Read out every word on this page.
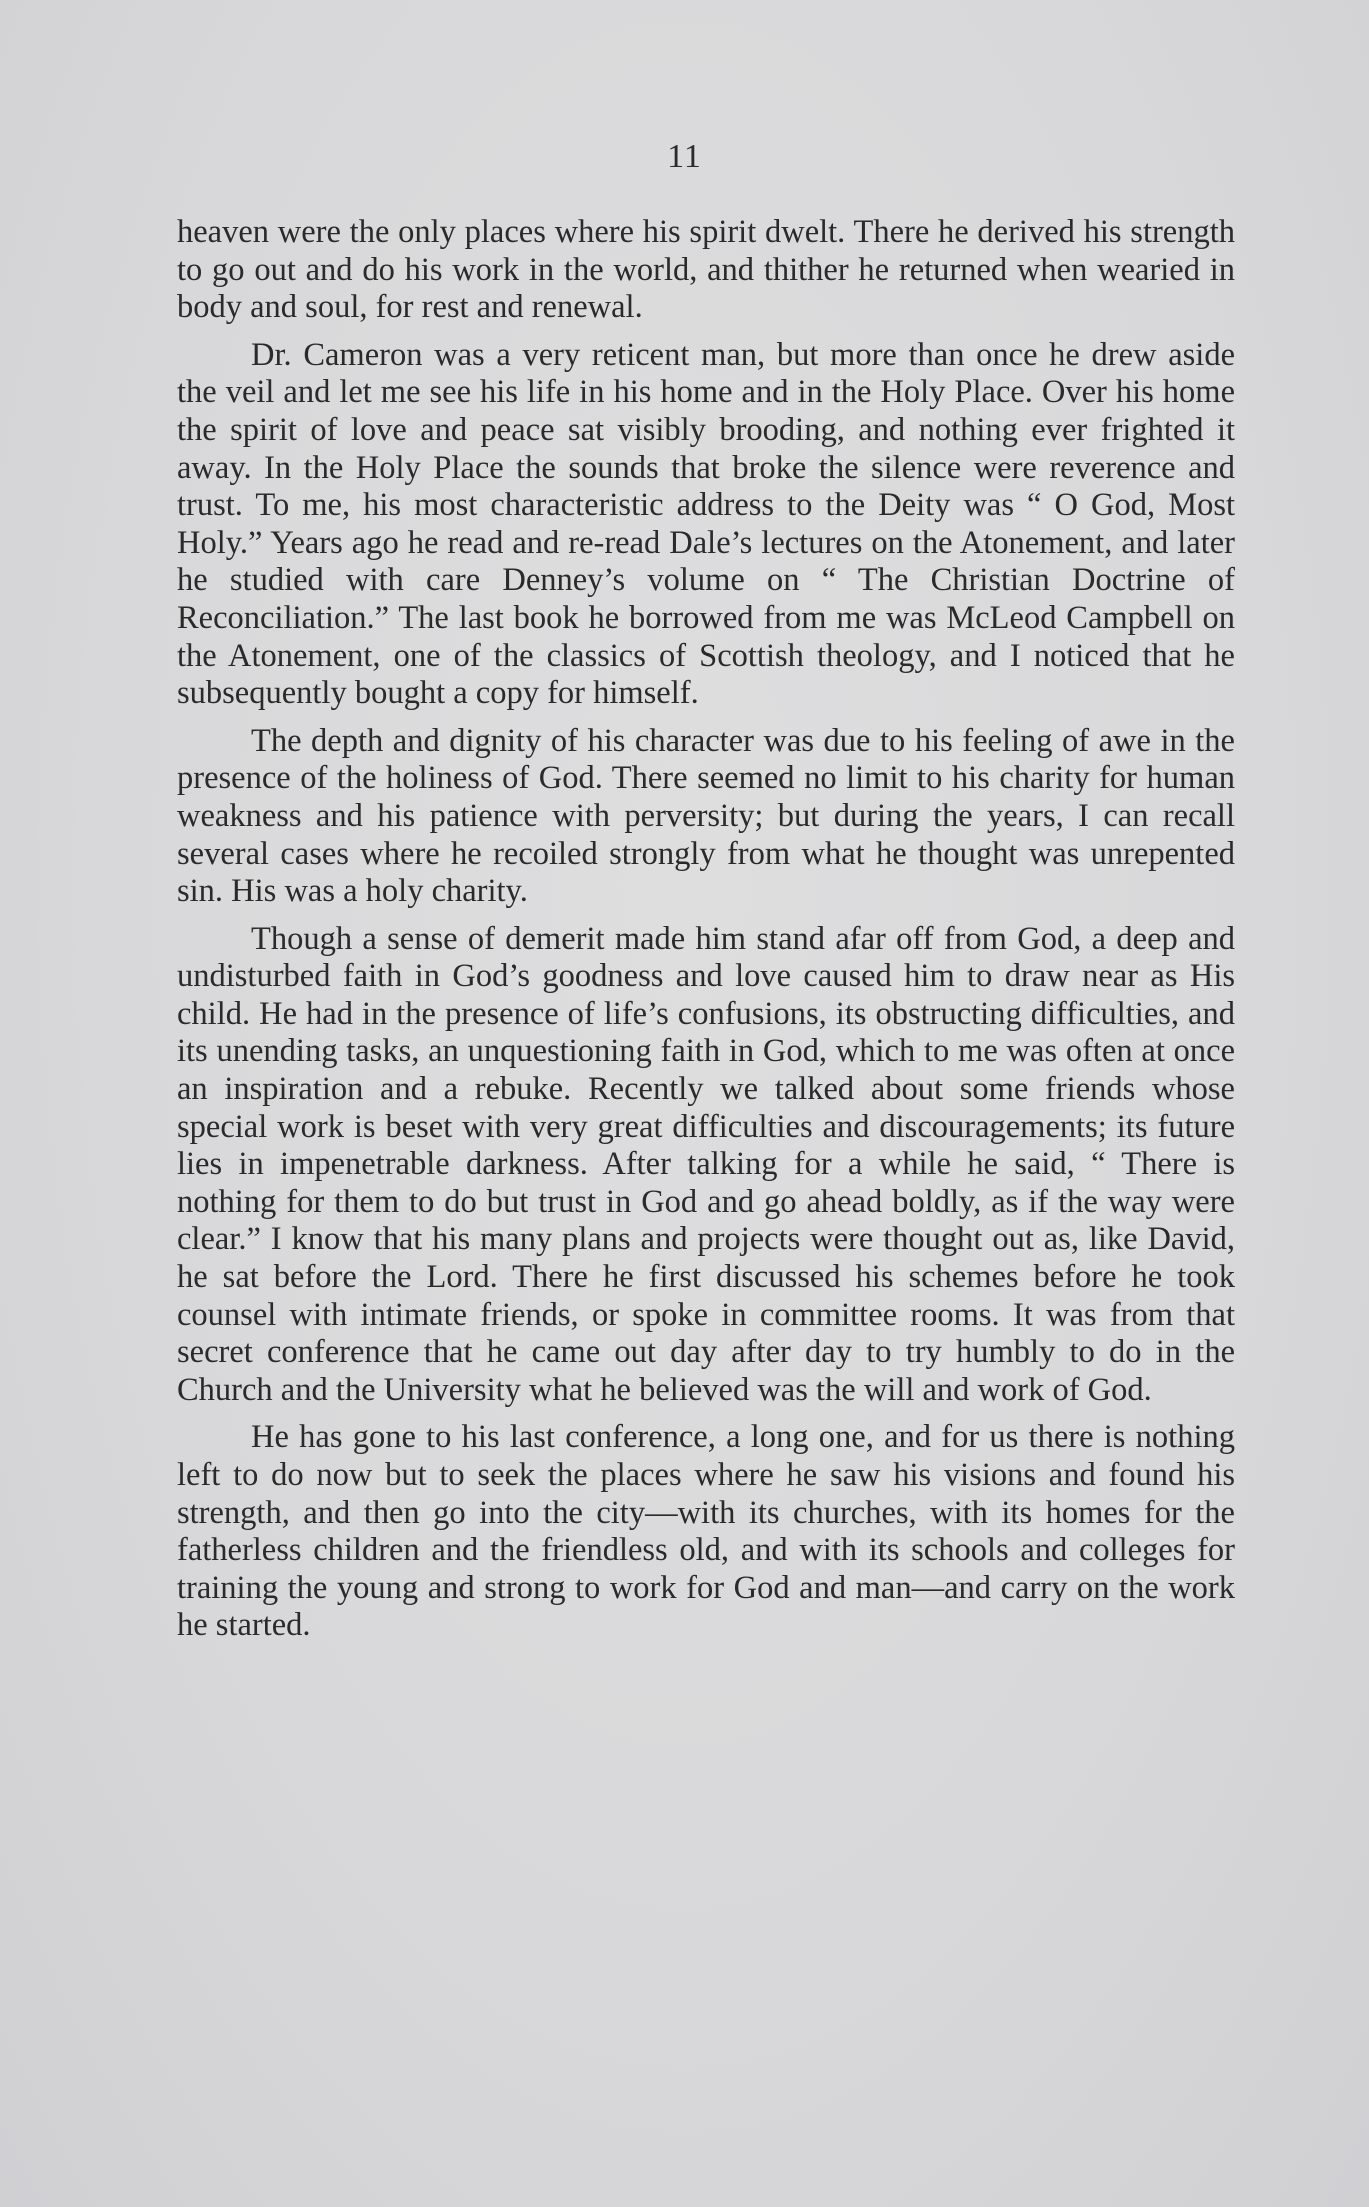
11

heaven were the only places where his spirit dwelt. There he derived his strength to go out and do his work in the world, and thither he returned when wearied in body and soul, for rest and renewal.

Dr. Cameron was a very reticent man, but more than once he drew aside the veil and let me see his life in his home and in the Holy Place. Over his home the spirit of love and peace sat visibly brooding, and nothing ever frighted it away. In the Holy Place the sounds that broke the silence were reverence and trust. To me, his most characteristic address to the Deity was “ O God, Most Holy.” Years ago he read and re-read Dale’s lectures on the Atonement, and later he studied with care Denney’s volume on “ The Christian Doctrine of Reconciliation.” The last book he borrowed from me was McLeod Campbell on the Atonement, one of the classics of Scottish theology, and I noticed that he subsequently bought a copy for himself.

The depth and dignity of his character was due to his feeling of awe in the presence of the holiness of God. There seemed no limit to his charity for human weakness and his patience with perversity; but during the years, I can recall several cases where he recoiled strongly from what he thought was unrepented sin. His was a holy charity.

Though a sense of demerit made him stand afar off from God, a deep and undisturbed faith in God’s goodness and love caused him to draw near as His child. He had in the presence of life’s confusions, its obstructing difficulties, and its unending tasks, an unquestioning faith in God, which to me was often at once an inspiration and a rebuke. Recently we talked about some friends whose special work is beset with very great difficulties and discouragements; its future lies in impenetrable darkness. After talking for a while he said, “ There is nothing for them to do but trust in God and go ahead boldly, as if the way were clear.” I know that his many plans and projects were thought out as, like David, he sat before the Lord. There he first discussed his schemes before he took counsel with intimate friends, or spoke in committee rooms. It was from that secret conference that he came out day after day to try humbly to do in the Church and the University what he believed was the will and work of God.

He has gone to his last conference, a long one, and for us there is nothing left to do now but to seek the places where he saw his visions and found his strength, and then go into the city—with its churches, with its homes for the fatherless children and the friendless old, and with its schools and colleges for training the young and strong to work for God and man—and carry on the work he started.
